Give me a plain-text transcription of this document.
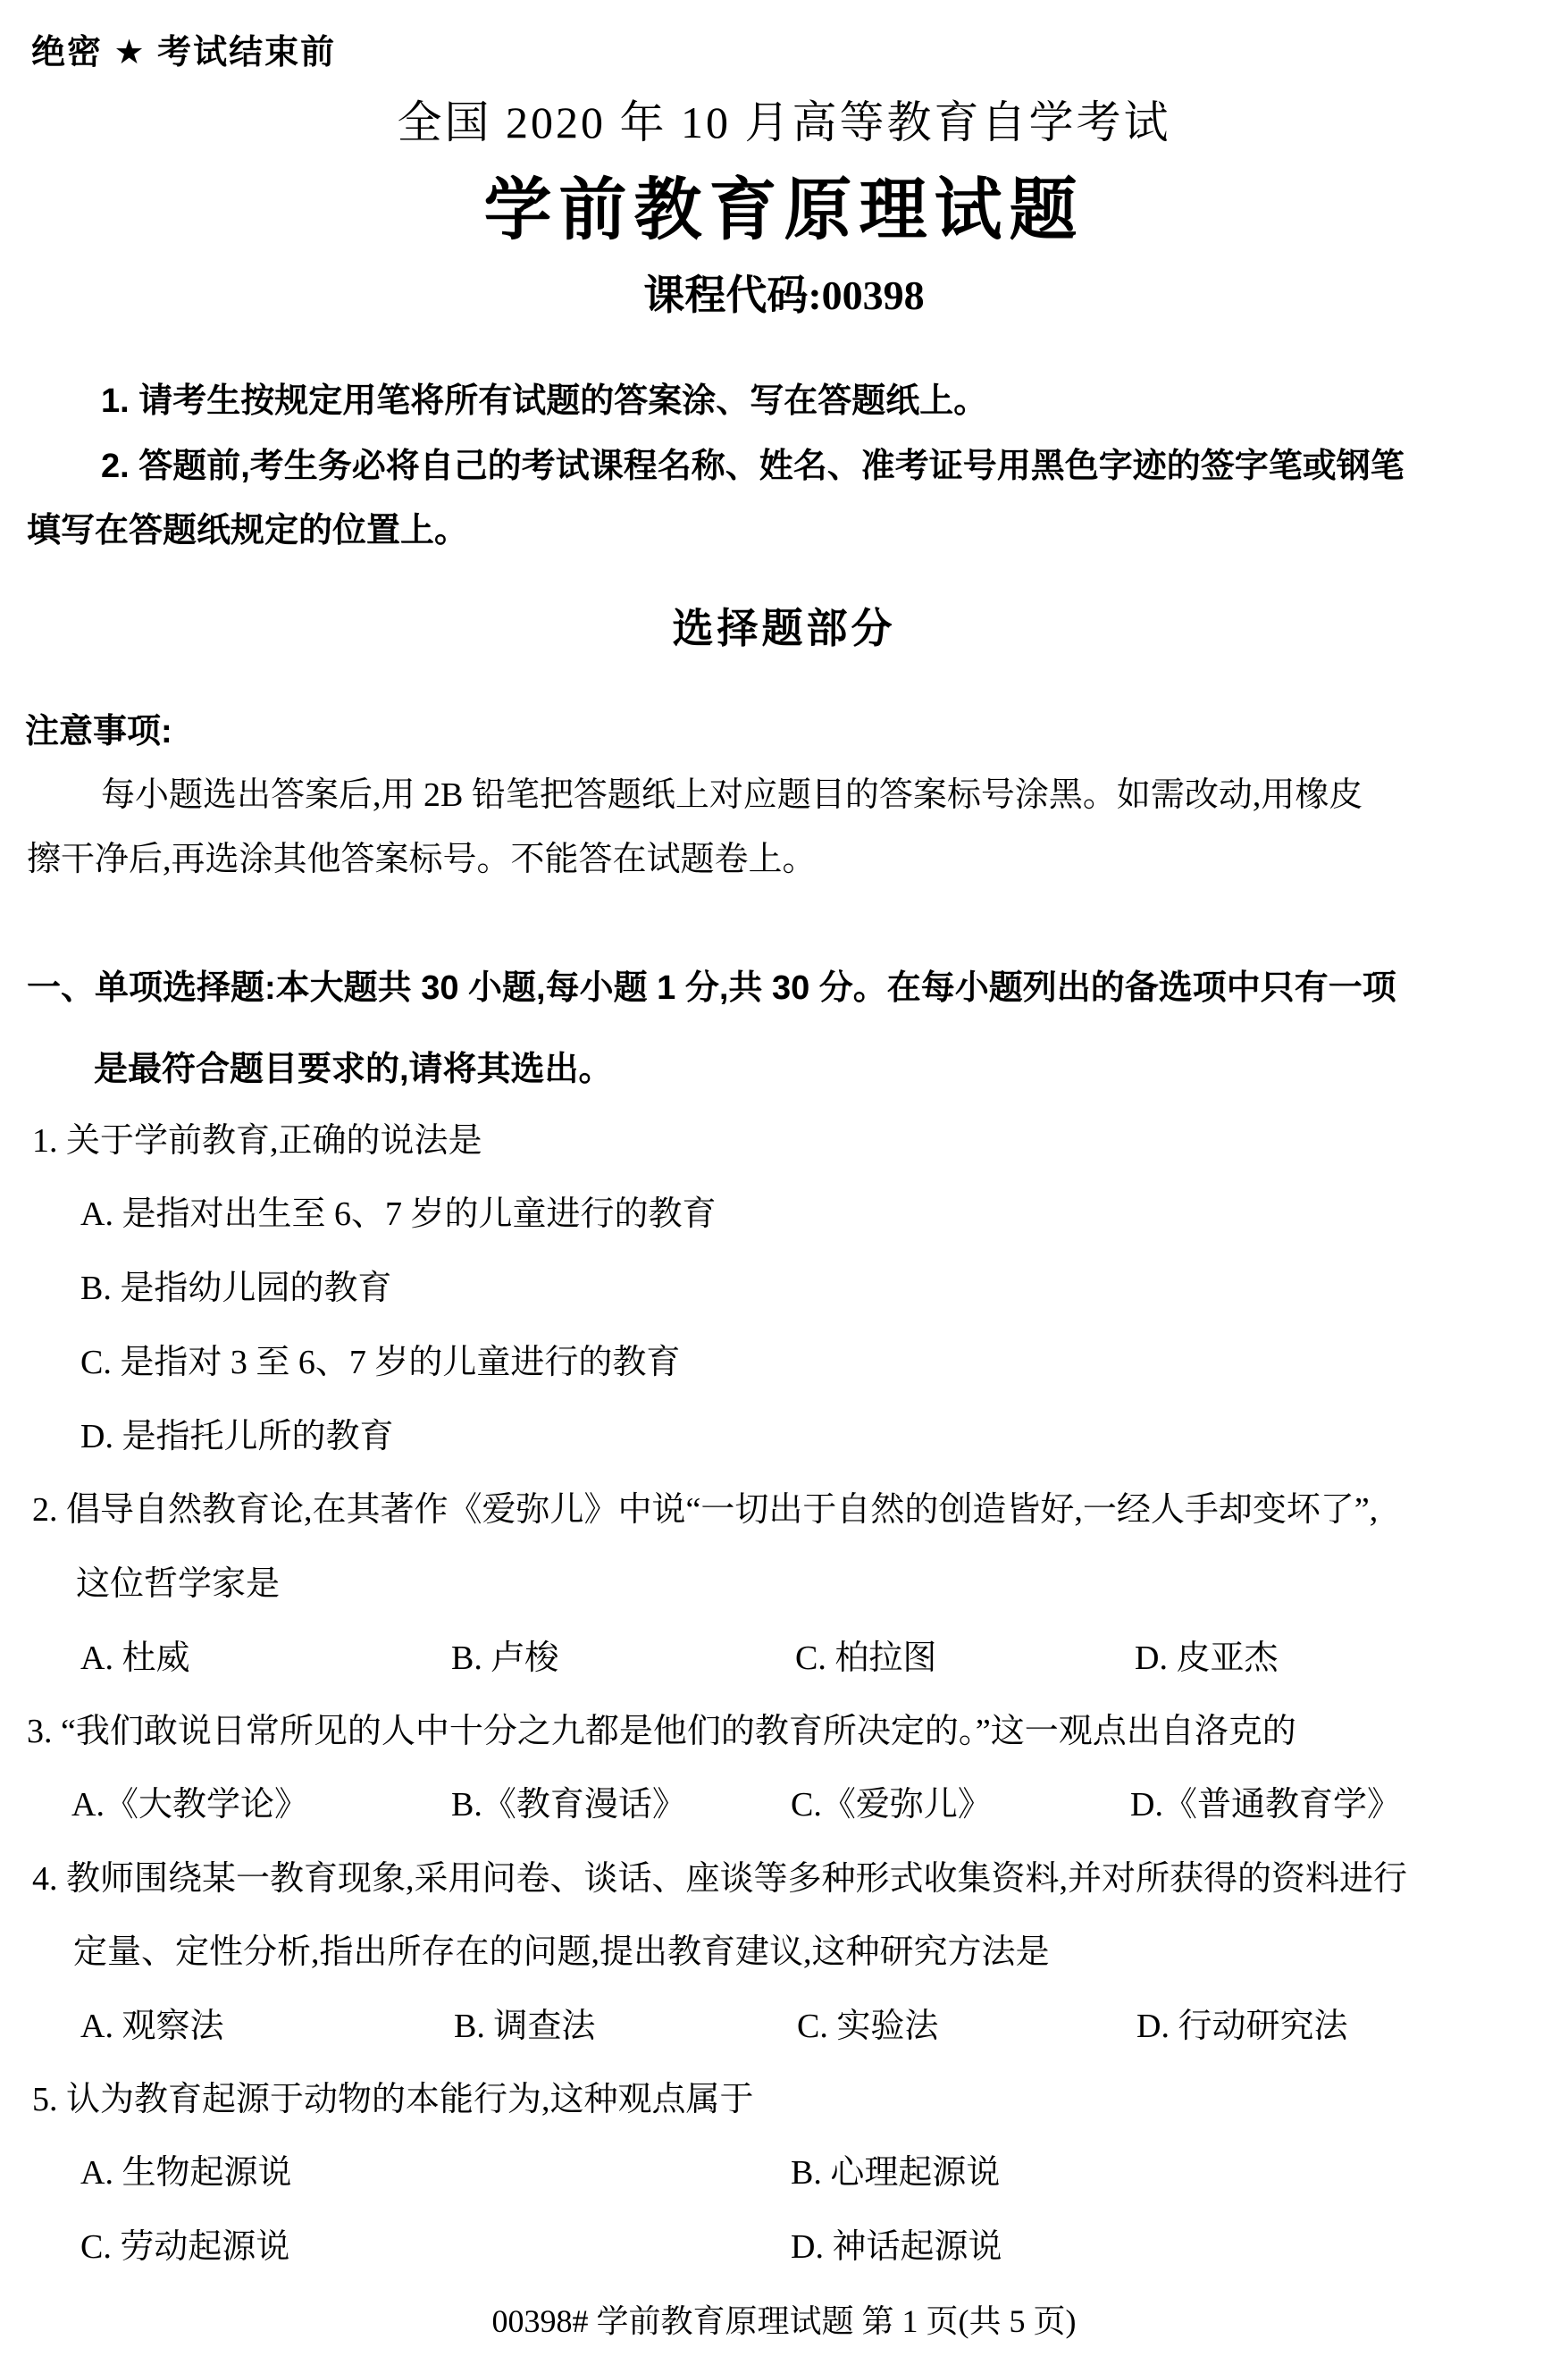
绝密 ★ 考试结束前
全国 2020 年 10 月高等教育自学考试
学前教育原理试题
课程代码:00398
1. 请考生按规定用笔将所有试题的答案涂、写在答题纸上。
2. 答题前,考生务必将自己的考试课程名称、姓名、准考证号用黑色字迹的签字笔或钢笔
填写在答题纸规定的位置上。
选择题部分
注意事项:
每小题选出答案后,用 2B 铅笔把答题纸上对应题目的答案标号涂黑。如需改动,用橡皮
擦干净后,再选涂其他答案标号。不能答在试题卷上。
一、单项选择题:本大题共 30 小题,每小题 1 分,共 30 分。在每小题列出的备选项中只有一项
是最符合题目要求的,请将其选出。
1. 关于学前教育,正确的说法是
A. 是指对出生至 6、7 岁的儿童进行的教育
B. 是指幼儿园的教育
C. 是指对 3 至 6、7 岁的儿童进行的教育
D. 是指托儿所的教育
2. 倡导自然教育论,在其著作《爱弥儿》中说“一切出于自然的创造皆好,一经人手却变坏了”,
这位哲学家是
A. 杜威	B. 卢梭	C. 柏拉图	D. 皮亚杰
3. “我们敢说日常所见的人中十分之九都是他们的教育所决定的。”这一观点出自洛克的
A.《大教学论》	B.《教育漫话》	C.《爱弥儿》	D.《普通教育学》
4. 教师围绕某一教育现象,采用问卷、谈话、座谈等多种形式收集资料,并对所获得的资料进行
定量、定性分析,指出所存在的问题,提出教育建议,这种研究方法是
A. 观察法	B. 调查法	C. 实验法	D. 行动研究法
5. 认为教育起源于动物的本能行为,这种观点属于
A. 生物起源说	B. 心理起源说
C. 劳动起源说	D. 神话起源说
00398# 学前教育原理试题 第 1 页(共 5 页)
